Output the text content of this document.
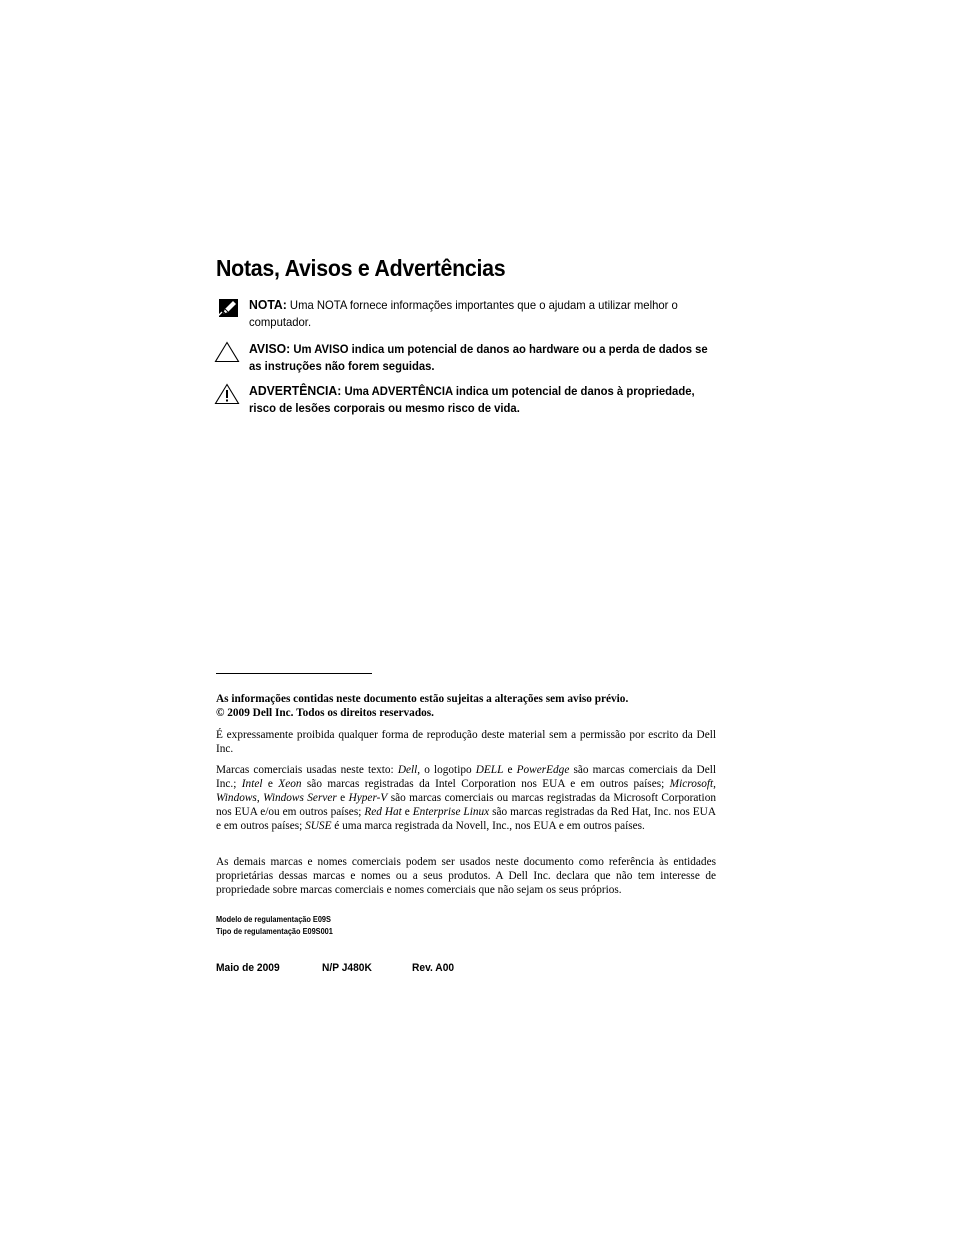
Notas, Avisos e Advertências
NOTA: Uma NOTA fornece informações importantes que o ajudam a utilizar melhor o computador.
AVISO: Um AVISO indica um potencial de danos ao hardware ou a perda de dados se as instruções não forem seguidas.
ADVERTÊNCIA: Uma ADVERTÊNCIA indica um potencial de danos à propriedade, risco de lesões corporais ou mesmo risco de vida.

As informações contidas neste documento estão sujeitas a alterações sem aviso prévio.

© 2009 Dell Inc. Todos os direitos reservados.

É expressamente proibida qualquer forma de reprodução deste material sem a permissão por escrito da Dell Inc.

Marcas comerciais usadas neste texto: Dell, o logotipo DELL e PowerEdge são marcas comerciais da Dell Inc.; Intel e Xeon são marcas registradas da Intel Corporation nos EUA e em outros países; Microsoft, Windows, Windows Server e Hyper-V são marcas comerciais ou marcas registradas da Microsoft Corporation nos EUA e/ou em outros países; Red Hat e Enterprise Linux são marcas registradas da Red Hat, Inc. nos EUA e em outros países; SUSE é uma marca registrada da Novell, Inc., nos EUA e em outros países.

As demais marcas e nomes comerciais podem ser usados neste documento como referência às entidades proprietárias dessas marcas e nomes ou a seus produtos. A Dell Inc. declara que não tem interesse de propriedade sobre marcas comerciais e nomes comerciais que não sejam os seus próprios.

Modelo de regulamentação E09S
Tipo de regulamentação E09S001
Maio de 2009	N/P J480K	Rev. A00
